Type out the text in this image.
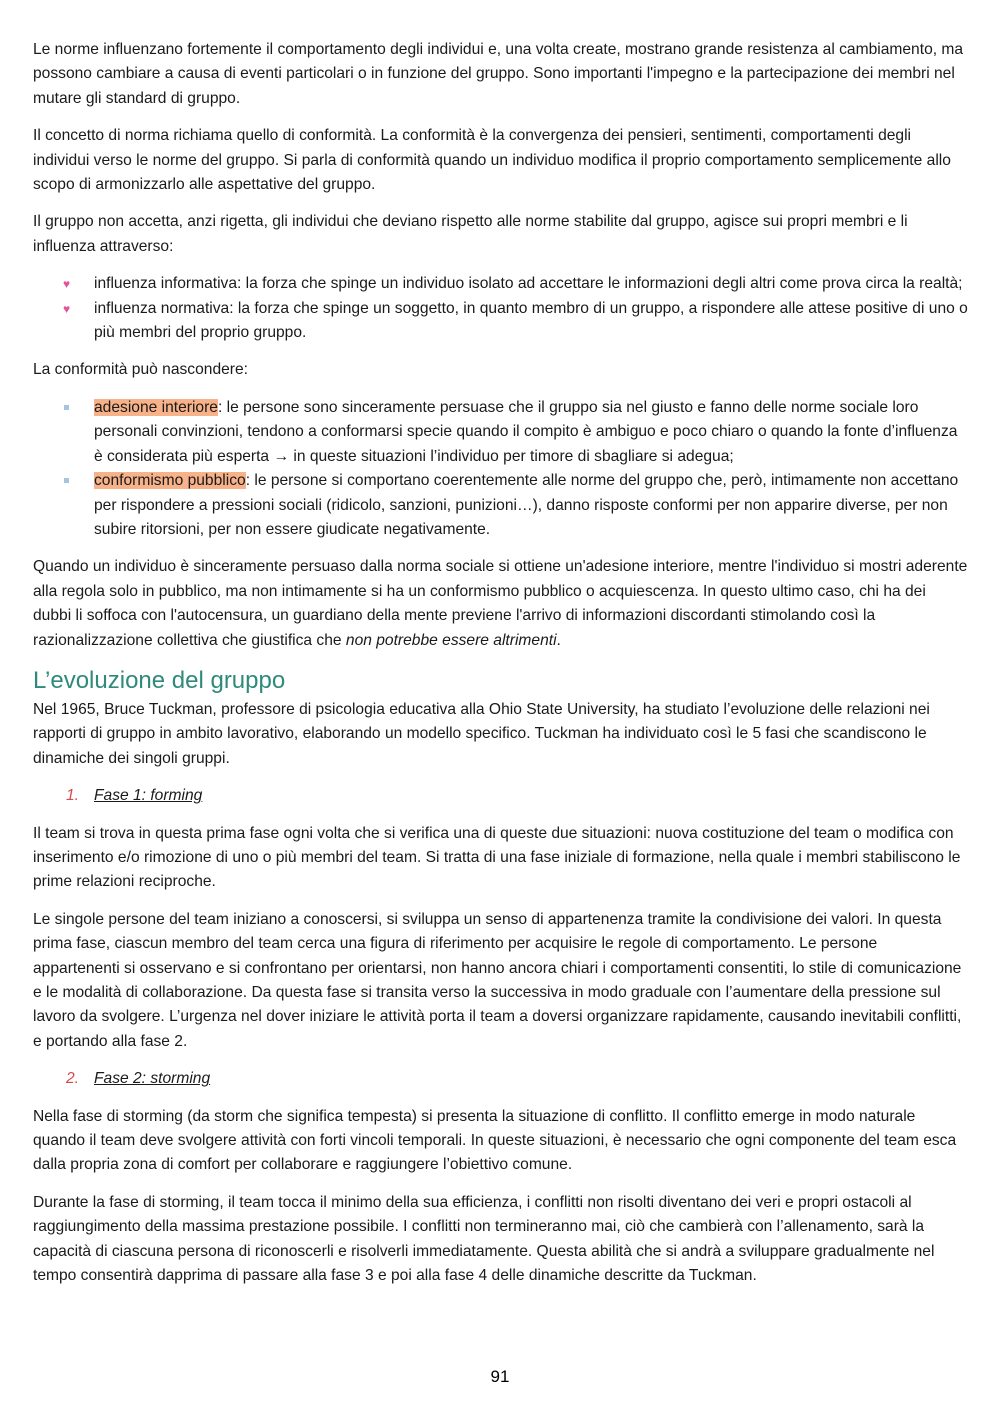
Le norme influenzano fortemente il comportamento degli individui e, una volta create, mostrano grande resistenza al cambiamento, ma possono cambiare a causa di eventi particolari o in funzione del gruppo. Sono importanti l'impegno e la partecipazione dei membri nel mutare gli standard di gruppo.

Il concetto di norma richiama quello di conformità. La conformità è la convergenza dei pensieri, sentimenti, comportamenti degli individui verso le norme del gruppo. Si parla di conformità quando un individuo modifica il proprio comportamento semplicemente allo scopo di armonizzarlo alle aspettative del gruppo.

Il gruppo non accetta, anzi rigetta, gli individui che deviano rispetto alle norme stabilite dal gruppo, agisce sui propri membri e li influenza attraverso:

♥ influenza informativa: la forza che spinge un individuo isolato ad accettare le informazioni degli altri come prova circa la realtà;
♥ influenza normativa: la forza che spinge un soggetto, in quanto membro di un gruppo, a rispondere alle attese positive di uno o più membri del proprio gruppo.

La conformità può nascondere:

adesione interiore: le persone sono sinceramente persuase che il gruppo sia nel giusto e fanno delle norme sociale loro personali convinzioni, tendono a conformarsi specie quando il compito è ambiguo e poco chiaro o quando la fonte d’influenza è considerata più esperta → in queste situazioni l’individuo per timore di sbagliare si adegua;
conformismo pubblico: le persone si comportano coerentemente alle norme del gruppo che, però, intimamente non accettano per rispondere a pressioni sociali (ridicolo, sanzioni, punizioni…), danno risposte conformi per non apparire diverse, per non subire ritorsioni, per non essere giudicate negativamente.

Quando un individuo è sinceramente persuaso dalla norma sociale si ottiene un'adesione interiore, mentre l'individuo si mostri aderente alla regola solo in pubblico, ma non intimamente si ha un conformismo pubblico o acquiescenza. In questo ultimo caso, chi ha dei dubbi li soffoca con l'autocensura, un guardiano della mente previene l'arrivo di informazioni discordanti stimolando così la razionalizzazione collettiva che giustifica che non potrebbe essere altrimenti.

L’evoluzione del gruppo

Nel 1965, Bruce Tuckman, professore di psicologia educativa alla Ohio State University, ha studiato l’evoluzione delle relazioni nei rapporti di gruppo in ambito lavorativo, elaborando un modello specifico. Tuckman ha individuato così le 5 fasi che scandiscono le dinamiche dei singoli gruppi.

1. Fase 1: forming

Il team si trova in questa prima fase ogni volta che si verifica una di queste due situazioni: nuova costituzione del team o modifica con inserimento e/o rimozione di uno o più membri del team. Si tratta di una fase iniziale di formazione, nella quale i membri stabiliscono le prime relazioni reciproche.

Le singole persone del team iniziano a conoscersi, si sviluppa un senso di appartenenza tramite la condivisione dei valori. In questa prima fase, ciascun membro del team cerca una figura di riferimento per acquisire le regole di comportamento. Le persone appartenenti si osservano e si confrontano per orientarsi, non hanno ancora chiari i comportamenti consentiti, lo stile di comunicazione e le modalità di collaborazione. Da questa fase si transita verso la successiva in modo graduale con l’aumentare della pressione sul lavoro da svolgere. L’urgenza nel dover iniziare le attività porta il team a doversi organizzare rapidamente, causando inevitabili conflitti, e portando alla fase 2.

2. Fase 2: storming

Nella fase di storming (da storm che significa tempesta) si presenta la situazione di conflitto. Il conflitto emerge in modo naturale quando il team deve svolgere attività con forti vincoli temporali. In queste situazioni, è necessario che ogni componente del team esca dalla propria zona di comfort per collaborare e raggiungere l’obiettivo comune.

Durante la fase di storming, il team tocca il minimo della sua efficienza, i conflitti non risolti diventano dei veri e propri ostacoli al raggiungimento della massima prestazione possibile. I conflitti non termineranno mai, ciò che cambierà con l’allenamento, sarà la capacità di ciascuna persona di riconoscerli e risolverli immediatamente. Questa abilità che si andrà a sviluppare gradualmente nel tempo consentirà dapprima di passare alla fase 3 e poi alla fase 4 delle dinamiche descritte da Tuckman.

91
